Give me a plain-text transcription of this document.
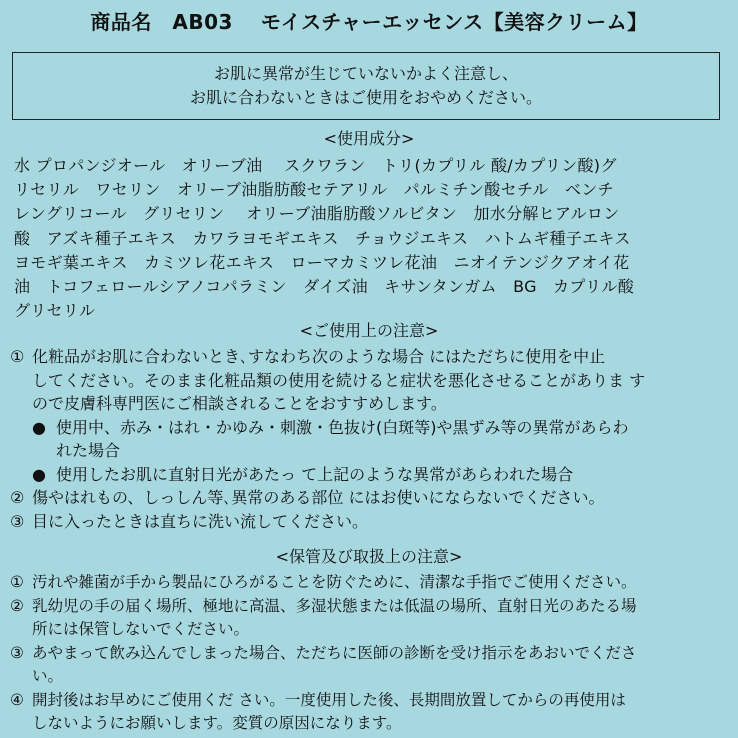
商品名　AB03　 モイスチャーエッセンス【美容クリーム】
お肌に異常が生じていないかよく注意し、
お肌に合わないときはご使用をおやめください。
<使用成分>
水 プロパンジオール　オリーブ油　 スクワラン　トリ(カプリル 酸/カプリン酸)グ
リセリル　ワセリン　オリーブ油脂肪酸セテアリル　パルミチン酸セチル　ベンチ
レングリコール　グリセリン　 オリーブ油脂肪酸ソルビタン　加水分解ヒアルロン
酸　アズキ種子エキス　カワラヨモギエキス　チョウジエキス　ハトムギ種子エキス
ヨモギ葉エキス　カミツレ花エキス　ローマカミツレ花油　ニオイテンジクアオイ花
油　トコフェロールシアノコパラミン　ダイズ油　キサンタンガム　BG　カプリル酸
グリセリル
<ご使用上の注意>
① 化粧品がお肌に合わないとき､すなわち次のような場合 にはただちに使用を中止
してください。そのまま化粧品類の使用を続けると症状を悪化させることがありま す
ので皮膚科専門医にご相談されることをおすすめします。
● 使用中、赤み・はれ・かゆみ・刺激・色抜け(白斑等)や黒ずみ等の異常があらわ
れた場合
● 使用したお肌に直射日光があたっ て上記のような異常があらわれた場合
② 傷やはれもの、しっしん等､異常のある部位 にはお使いにならないでください。
③ 目に入ったときは直ちに洗い流してください。
<保管及び取扱上の注意>
① 汚れや雑菌が手から製品にひろがることを防ぐために、清潔な手指でご使用ください。
② 乳幼児の手の届く場所、極地に高温、多湿状態または低温の場所、直射日光のあたる場
所には保管しないでください。
③ あやまって飲み込んでしまった場合、ただちに医師の診断を受け指示をあおいでくださ
い。
④ 開封後はお早めにご使用くだ さい。一度使用した後、長期間放置してからの再使用は
しないようにお願いします。変質の原因になります。
